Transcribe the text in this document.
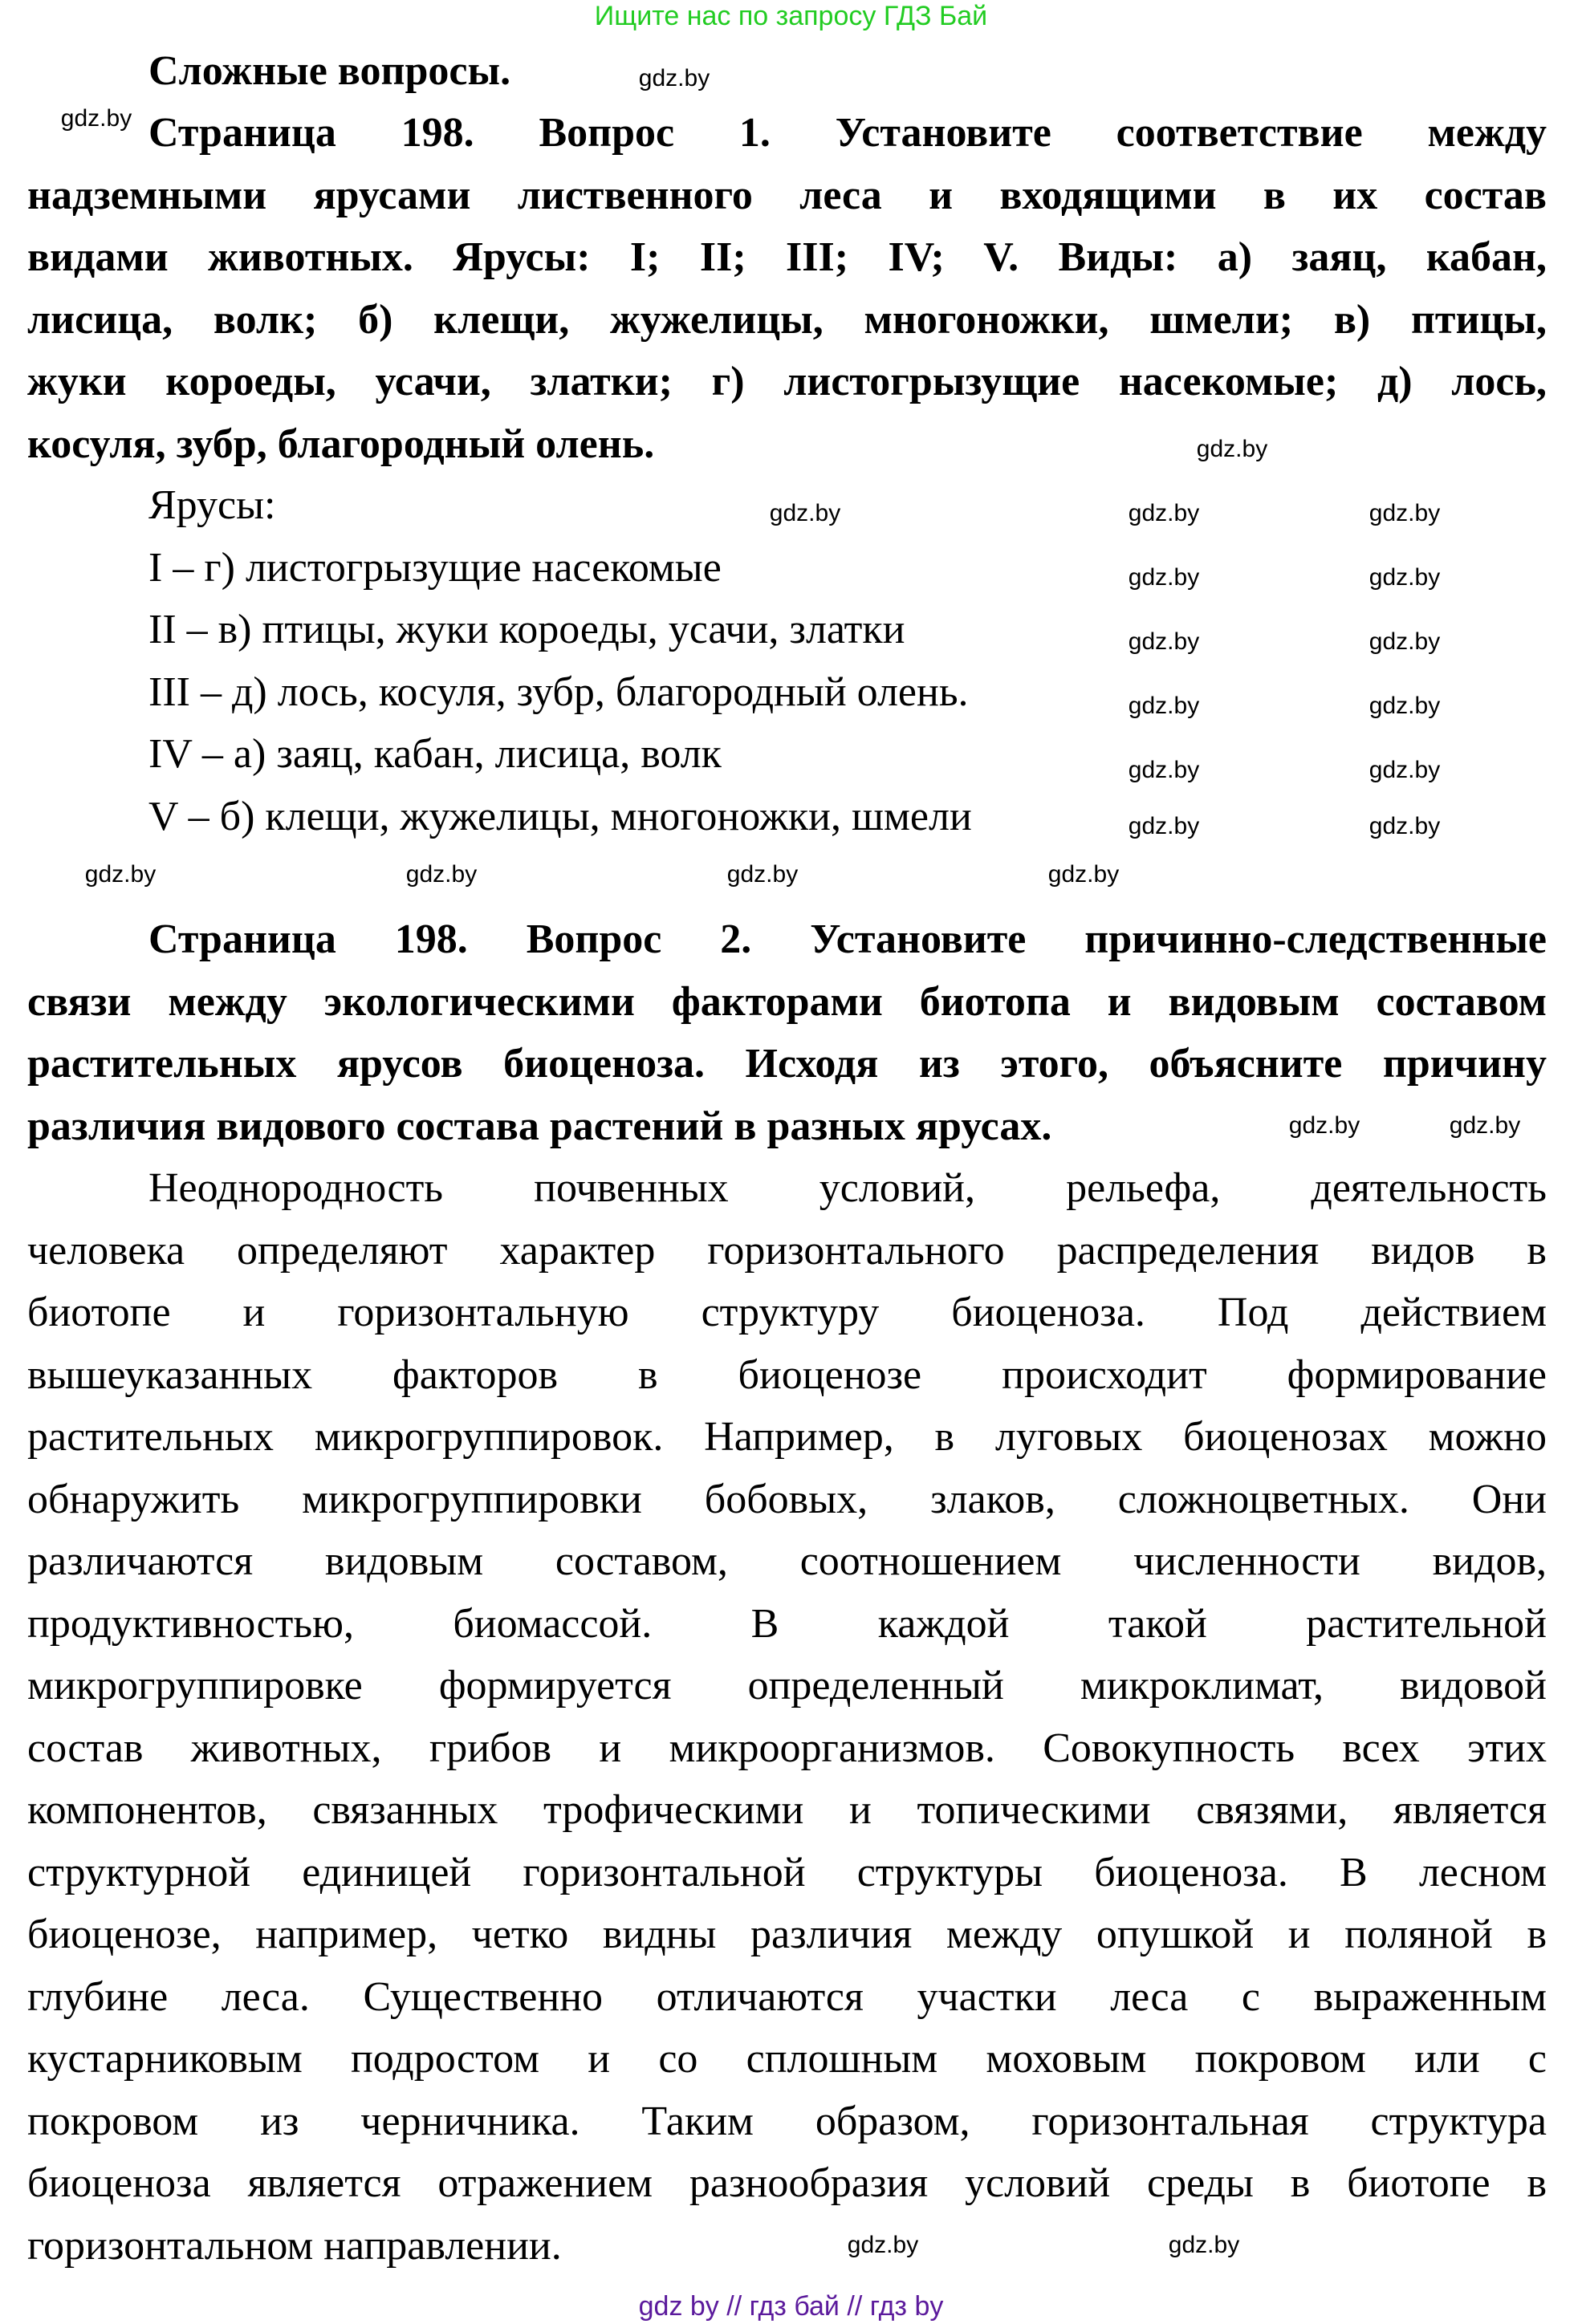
Ищите нас по запросу ГДЗ Бай
Сложные вопросы.
Страница 198. Вопрос 1. Установите соответствие между
надземными ярусами лиственного леса и входящими в их состав
видами животных. Ярусы: I; II; III; IV; V. Виды: а) заяц, кабан,
лисица, волк; б) клещи, жужелицы, многоножки, шмели; в) птицы,
жуки короеды, усачи, златки; г) листогрызущие насекомые; д) лось,
косуля, зубр, благородный олень.
Ярусы:
I – г) листогрызущие насекомые
II – в) птицы, жуки короеды, усачи, златки
III – д) лось, косуля, зубр, благородный олень.
IV – а) заяц, кабан, лисица, волк
V – б) клещи, жужелицы, многоножки, шмели
Страница 198. Вопрос 2. Установите причинно-следственные
связи между экологическими факторами биотопа и видовым составом
растительных ярусов биоценоза. Исходя из этого, объясните причину
различия видового состава растений в разных ярусах.
Неоднородность почвенных условий, рельефа, деятельность
человека определяют характер горизонтального распределения видов в
биотопе и горизонтальную структуру биоценоза. Под действием
вышеуказанных факторов в биоценозе происходит формирование
растительных микрогруппировок. Например, в луговых биоценозах можно
обнаружить микрогруппировки бобовых, злаков, сложноцветных. Они
различаются видовым составом, соотношением численности видов,
продуктивностью, биомассой. В каждой такой растительной
микрогруппировке формируется определенный микроклимат, видовой
состав животных, грибов и микроорганизмов. Совокупность всех этих
компонентов, связанных трофическими и топическими связями, является
структурной единицей горизонтальной структуры биоценоза. В лесном
биоценозе, например, четко видны различия между опушкой и поляной в
глубине леса. Существенно отличаются участки леса с выраженным
кустарниковым подростом и со сплошным моховым покровом или с
покровом из черничника. Таким образом, горизонтальная структура
биоценоза является отражением разнообразия условий среды в биотопе в
горизонтальном направлении.
gdz.by
gdz.by
gdz.by
gdz.by	gdz.by	gdz.by
gdz.by	gdz.by
gdz.by	gdz.by
gdz.by	gdz.by
gdz.by	gdz.by
gdz.by	gdz.by
gdz.by	gdz.by	gdz.by	gdz.by
gdz.by	gdz.by
gdz.by	gdz.by
gdz by // гдз бай // гдз by
